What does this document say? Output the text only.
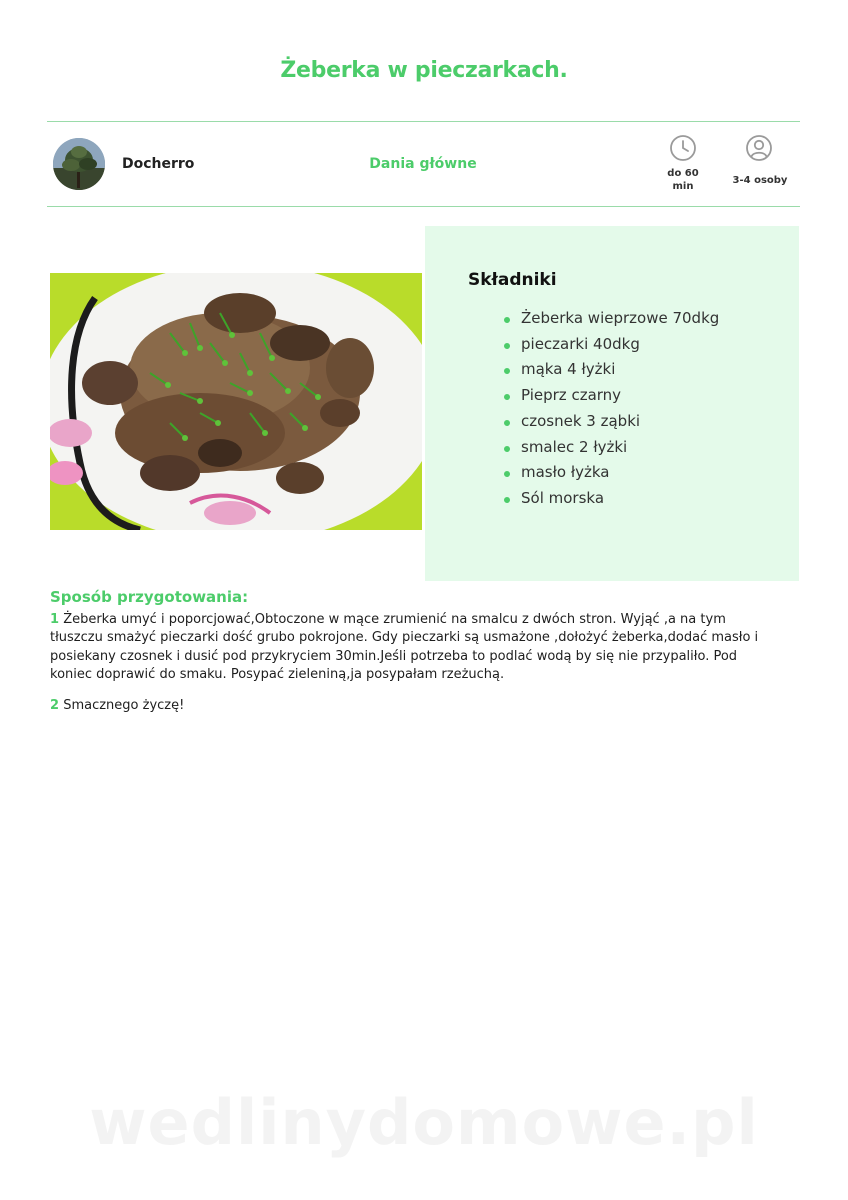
Żeberka w pieczarkach.
Docherro	Dania główne
do 60
min
3-4 osoby
Składniki
Żeberka wieprzowe 70dkg
pieczarki 40dkg
mąka 4 łyżki
Pieprz czarny
czosnek 3 ząbki
smalec 2 łyżki
masło łyżka
Sól morska
Sposób przygotowania:
1 Żeberka umyć i poporcjować,Obtoczone w mące zrumienić na smalcu z dwóch stron. Wyjąć ,a na tym tłuszczu smażyć pieczarki dość grubo pokrojone. Gdy pieczarki są usmażone ,dołożyć żeberka,dodać masło i posiekany czosnek i dusić pod przykryciem 30min.Jeśli potrzeba to podlać wodą by się nie przypaliło. Pod koniec doprawić do smaku. Posypać zieleniną,ja posypałam rzeżuchą.
2 Smacznego życzę!
wedlinydomowe.pl
